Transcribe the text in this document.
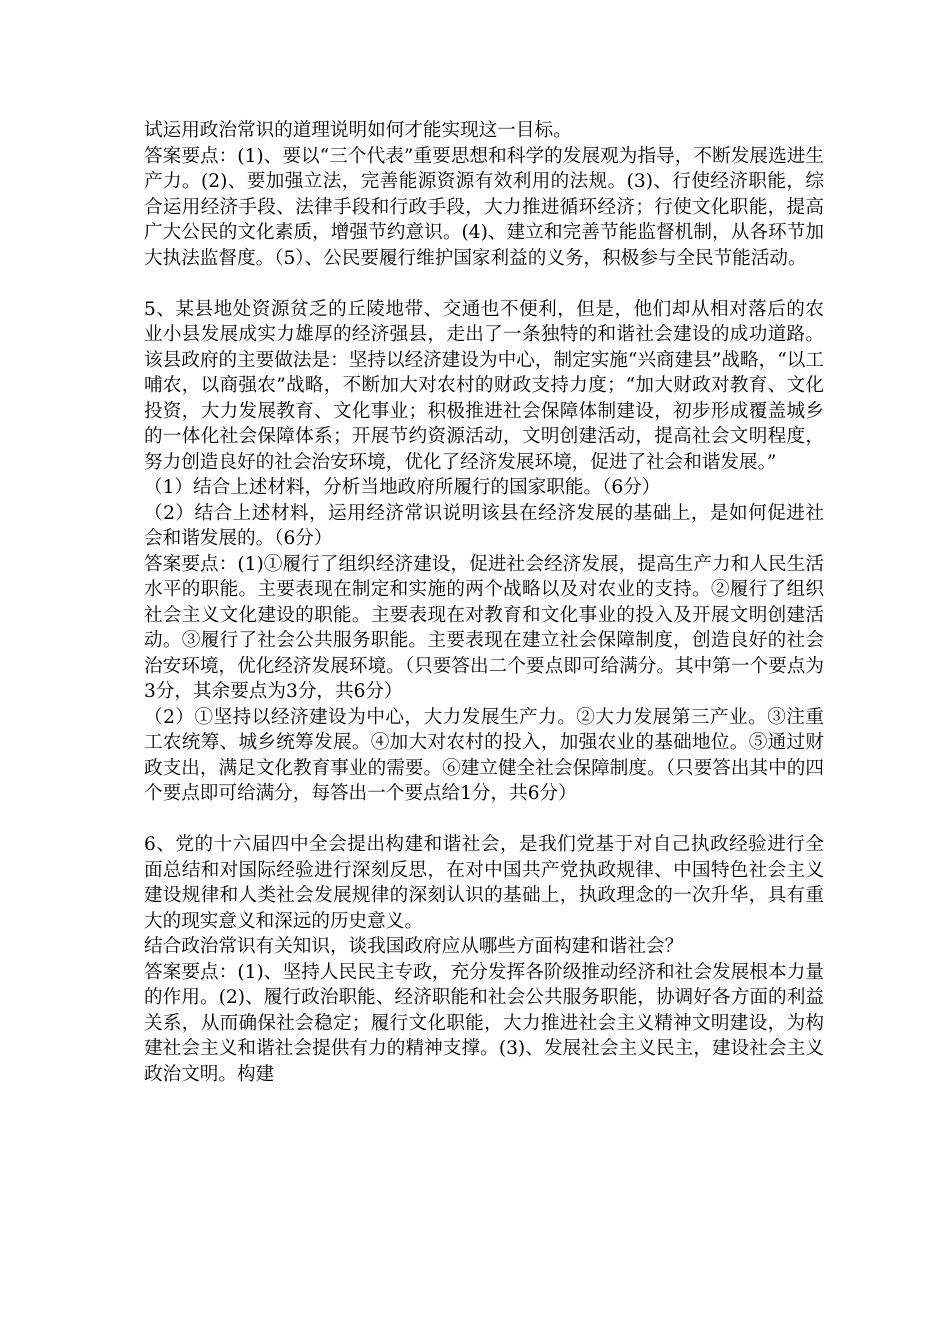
试运用政治常识的道理说明如何才能实现这一目标。

答案要点：(1)、要以“三个代表”重要思想和科学的发展观为指导，不断发展选进生产力。(2)、要加强立法，完善能源资源有效利用的法规。(3)、行使经济职能，综合运用经济手段、法律手段和行政手段，大力推进循环经济；行使文化职能，提高广大公民的文化素质，增强节约意识。(4)、建立和完善节能监督机制，从各环节加大执法监督度。（5）、公民要履行维护国家利益的义务，积极参与全民节能活动。

5、某县地处资源贫乏的丘陵地带、交通也不便利，但是，他们却从相对落后的农业小县发展成实力雄厚的经济强县，走出了一条独特的和谐社会建设的成功道路。该县政府的主要做法是：坚持以经济建设为中心，制定实施“兴商建县”战略，“以工哺农，以商强农”战略，不断加大对农村的财政支持力度；“加大财政对教育、文化投资，大力发展教育、文化事业；积极推进社会保障体制建设，初步形成覆盖城乡的一体化社会保障体系；开展节约资源活动，文明创建活动，提高社会文明程度，努力创造良好的社会治安环境，优化了经济发展环境，促进了社会和谐发展。”

（1）结合上述材料，分析当地政府所履行的国家职能。（6分）

（2）结合上述材料，运用经济常识说明该县在经济发展的基础上，是如何促进社会和谐发展的。（6分）

答案要点：(1)①履行了组织经济建设，促进社会经济发展，提高生产力和人民生活水平的职能。主要表现在制定和实施的两个战略以及对农业的支持。②履行了组织社会主义文化建设的职能。主要表现在对教育和文化事业的投入及开展文明创建活动。③履行了社会公共服务职能。主要表现在建立社会保障制度，创造良好的社会治安环境，优化经济发展环境。（只要答出二个要点即可给满分。其中第一个要点为3分，其余要点为3分，共6分）

（2）①坚持以经济建设为中心，大力发展生产力。②大力发展第三产业。③注重工农统筹、城乡统筹发展。④加大对农村的投入，加强农业的基础地位。⑤通过财政支出，满足文化教育事业的需要。⑥建立健全社会保障制度。（只要答出其中的四个要点即可给满分，每答出一个要点给1分，共6分）

6、党的十六届四中全会提出构建和谐社会，是我们党基于对自己执政经验进行全面总结和对国际经验进行深刻反思，在对中国共产党执政规律、中国特色社会主义建设规律和人类社会发展规律的深刻认识的基础上，执政理念的一次升华，具有重大的现实意义和深远的历史意义。

结合政治常识有关知识，谈我国政府应从哪些方面构建和谐社会？

答案要点：(1)、坚持人民民主专政，充分发挥各阶级推动经济和社会发展根本力量的作用。(2)、履行政治职能、经济职能和社会公共服务职能，协调好各方面的利益关系，从而确保社会稳定；履行文化职能，大力推进社会主义精神文明建设，为构建社会主义和谐社会提供有力的精神支撑。(3)、发展社会主义民主，建设社会主义政治文明。构建
